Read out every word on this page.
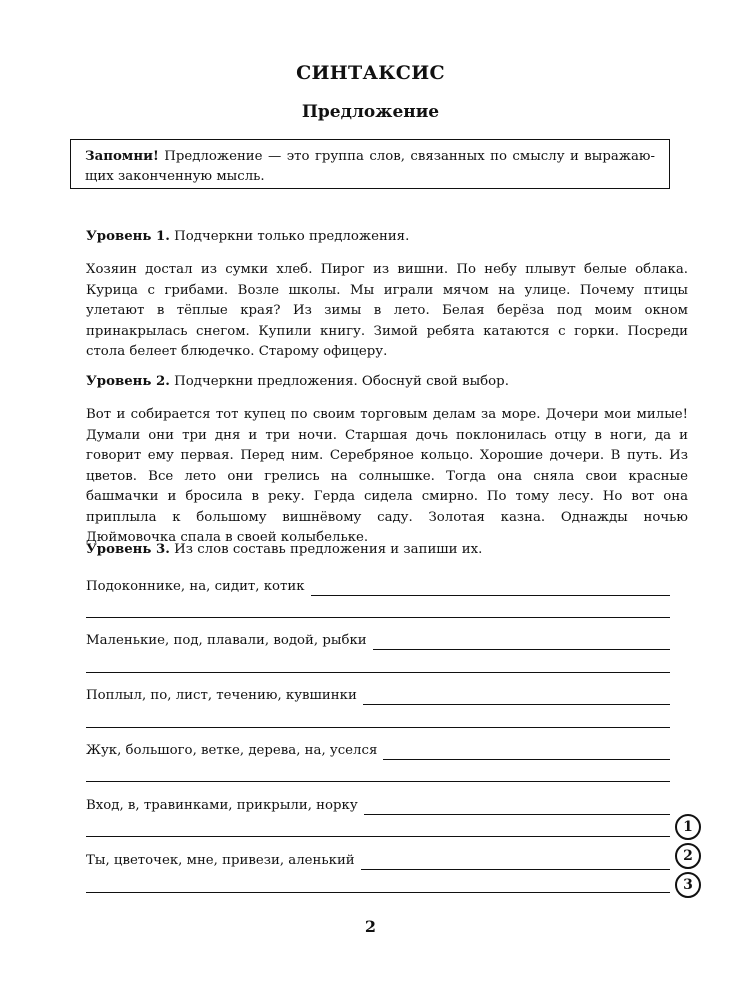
СИНТАКСИС
Предложение
Запомни! Предложение — это группа слов, связанных по смыслу и выражаю-щих законченную мысль.
Уровень 1. Подчеркни только предложения.
Хозяин достал из сумки хлеб. Пирог из вишни. По небу плывут белые облака. Курица с грибами. Возле школы. Мы играли мячом на улице. Почему птицы улетают в тёплые края? Из зимы в лето. Белая берёза под моим окном принакрылась снегом. Купили книгу. Зимой ребята катаются с горки. Посреди стола белеет блюдечко. Старому офицеру.
Уровень 2. Подчеркни предложения. Обоснуй свой выбор.
Вот и собирается тот купец по своим торговым делам за море. Дочери мои милые! Думали они три дня и три ночи. Старшая дочь поклонилась отцу в ноги, да и говорит ему первая. Перед ним. Серебряное кольцо. Хорошие дочери. В путь. Из цветов. Все лето они грелись на солнышке. Тогда она сняла свои красные башмачки и бросила в реку. Герда сидела смирно. По тому лесу. Но вот она приплыла к большому вишнёвому саду. Золотая казна. Однажды ночью Дюймовочка спала в своей колыбельке.
Уровень 3. Из слов составь предложения и запиши их.
Подоконнике, на, сидит, котик
Маленькие, под, плавали, водой, рыбки
Поплыл, по, лист, течению, кувшинки
Жук, большого, ветке, дерева, на, уселся
Вход, в, травинками, прикрыли, норку
Ты, цветочек, мне, привези, аленький
1
2
3
2
